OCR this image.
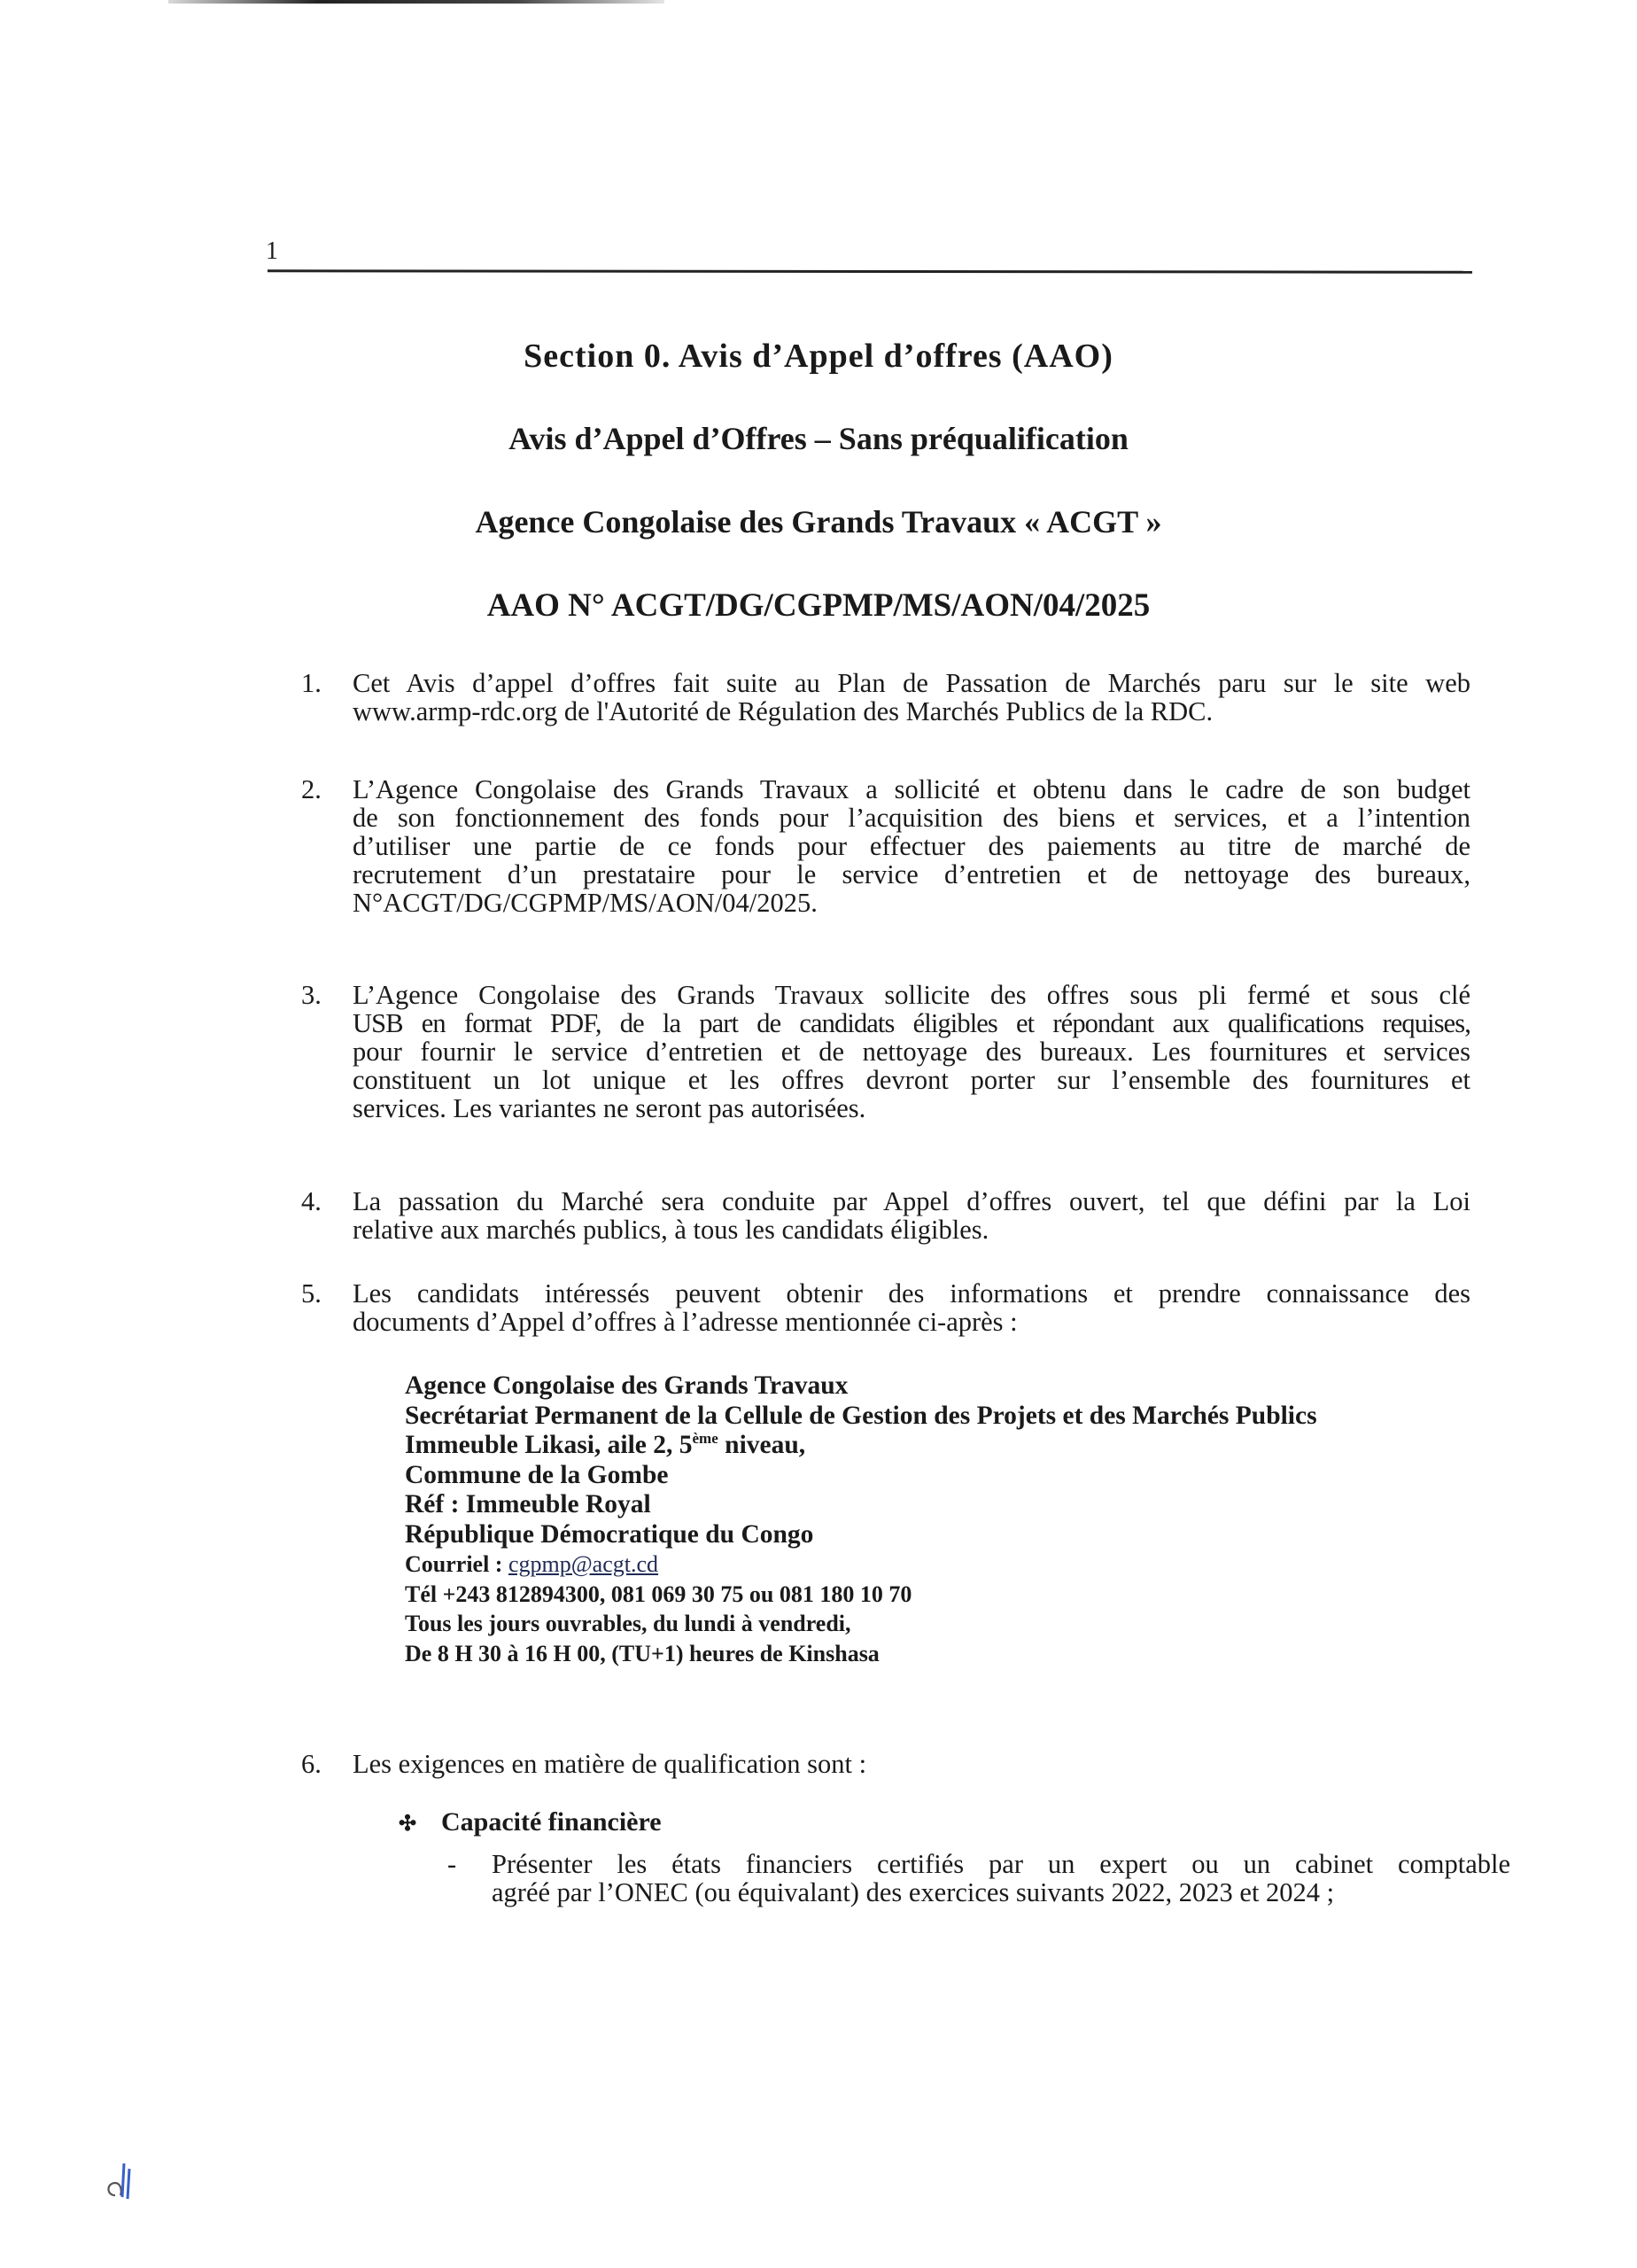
1
Section 0. Avis d’Appel d’offres (AAO)
Avis d’Appel d’Offres – Sans préqualification
Agence Congolaise des Grands Travaux « ACGT »
AAO N° ACGT/DG/CGPMP/MS/AON/04/2025
1. Cet Avis d’appel d’offres fait suite au Plan de Passation de Marchés paru sur le site web
www.armp-rdc.org de l'Autorité de Régulation des Marchés Publics de la RDC.
2. L’Agence Congolaise des Grands Travaux a sollicité et obtenu dans le cadre de son budget
de son fonctionnement des fonds pour l’acquisition des biens et services, et a l’intention
d’utiliser une partie de ce fonds pour effectuer des paiements au titre de marché de
recrutement d’un prestataire pour le service d’entretien et de nettoyage des bureaux,
N°ACGT/DG/CGPMP/MS/AON/04/2025.
3. L’Agence Congolaise des Grands Travaux sollicite des offres sous pli fermé et sous clé
USB en format PDF, de la part de candidats éligibles et répondant aux qualifications requises,
pour fournir le service d’entretien et de nettoyage des bureaux. Les fournitures et services
constituent un lot unique et les offres devront porter sur l’ensemble des fournitures et
services. Les variantes ne seront pas autorisées.
4. La passation du Marché sera conduite par Appel d’offres ouvert, tel que défini par la Loi
relative aux marchés publics, à tous les candidats éligibles.
5. Les candidats intéressés peuvent obtenir des informations et prendre connaissance des
documents d’Appel d’offres à l’adresse mentionnée ci-après :
Agence Congolaise des Grands Travaux
Secrétariat Permanent de la Cellule de Gestion des Projets et des Marchés Publics
Immeuble Likasi, aile 2, 5ème niveau,
Commune de la Gombe
Réf : Immeuble Royal
République Démocratique du Congo
Courriel : cgpmp@acgt.cd
Tél +243 812894300, 081 069 30 75 ou 081 180 10 70
Tous les jours ouvrables, du lundi à vendredi,
De 8 H 30 à 16 H 00, (TU+1) heures de Kinshasa
6. Les exigences en matière de qualification sont :
✣ Capacité financière
- Présenter les états financiers certifiés par un expert ou un cabinet comptable
agréé par l’ONEC (ou équivalant) des exercices suivants 2022, 2023 et 2024 ;
